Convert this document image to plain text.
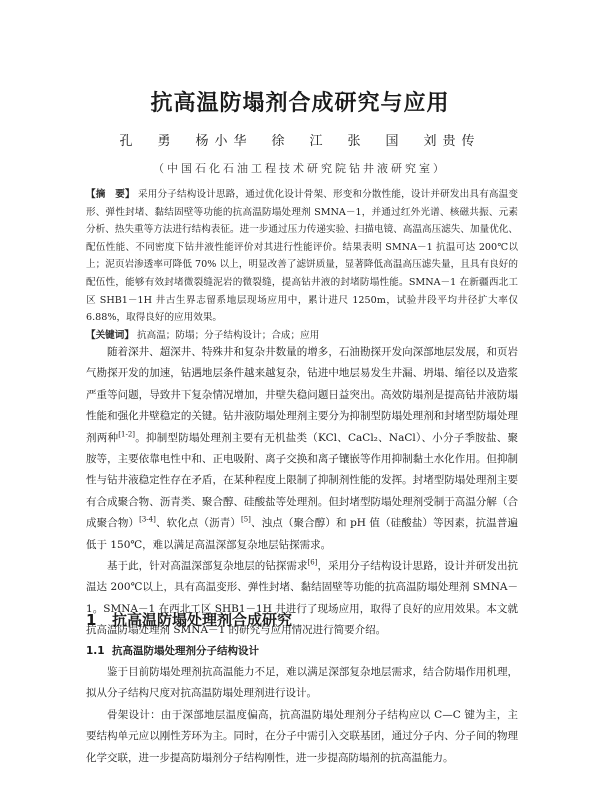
抗高温防塌剂合成研究与应用
孔　勇　杨小华　徐　江　张　国　刘贵传
（中国石化石油工程技术研究院钻井液研究室）
【摘　要】 采用分子结构设计思路，通过优化设计骨架、形变和分散性能，设计并研发出具有高温变形、弹性封堵、黏结固壁等功能的抗高温防塌处理剂 SMNA－1，并通过红外光谱、核磁共振、元素分析、热失重等方法进行结构表征。进一步通过压力传递实验、扫描电镜、高温高压滤失、加量优化、配伍性能、不同密度下钻井液性能评价对其进行性能评价。结果表明 SMNA－1 抗温可达 200℃以上；泥页岩渗透率可降低 70% 以上，明显改善了滤饼质量，显著降低高温高压滤失量，且具有良好的配伍性，能够有效封堵微裂缝泥岩的微裂缝，提高钻井液的封堵防塌性能。SMNA－1 在新疆西北工区 SHB1－1H 井古生界志留系地层现场应用中，累计进尺 1250m，试验井段平均井径扩大率仅 6.88%，取得良好的应用效果。
【关键词】 抗高温；防塌；分子结构设计；合成；应用

随着深井、超深井、特殊井和复杂井数量的增多，石油勘探开发向深部地层发展，和页岩气勘探开发的加速，钻遇地层条件越来越复杂，钻进中地层易发生井漏、坍塌、缩径以及造浆严重等问题，导致井下复杂情况增加，井壁失稳问题日益突出。高效防塌剂是提高钻井液防塌性能和强化井壁稳定的关键。钻井液防塌处理剂主要分为抑制型防塌处理剂和封堵型防塌处理剂两种[1-2]。抑制型防塌处理剂主要有无机盐类（KCl、CaCl₂、NaCl）、小分子季胺盐、聚胺等，主要依靠电性中和、正电吸附、离子交换和离子镶嵌等作用抑制黏土水化作用。但抑制性与钻井液稳定性存在矛盾，在某种程度上限制了抑制剂性能的发挥。封堵型防塌处理剂主要有合成聚合物、沥青类、聚合醇、硅酸盐等处理剂。但封堵型防塌处理剂受制于高温分解（合成聚合物）[3-4]、软化点（沥青）[5]、浊点（聚合醇）和 pH 值（硅酸盐）等因素，抗温普遍低于 150℃，难以满足高温深部复杂地层钻探需求。

基于此，针对高温深部复杂地层的钻探需求[6]，采用分子结构设计思路，设计并研发出抗温达 200℃以上，具有高温变形、弹性封堵、黏结固壁等功能的抗高温防塌处理剂 SMNA－1。SMNA－1 在西北工区 SHB1－1H 井进行了现场应用，取得了良好的应用效果。本文就抗高温防塌处理剂 SMNA－1 的研究与应用情况进行简要介绍。

1 抗高温防塌处理剂合成研究
1.1 抗高温防塌处理剂分子结构设计

鉴于目前防塌处理剂抗高温能力不足，难以满足深部复杂地层需求，结合防塌作用机理，拟从分子结构尺度对抗高温防塌处理剂进行设计。

骨架设计：由于深部地层温度偏高，抗高温防塌处理剂分子结构应以 C—C 键为主，主要结构单元应以刚性芳环为主。同时，在分子中需引入交联基团，通过分子内、分子间的物理化学交联，进一步提高防塌剂分子结构刚性，进一步提高防塌剂的抗高温能力。
